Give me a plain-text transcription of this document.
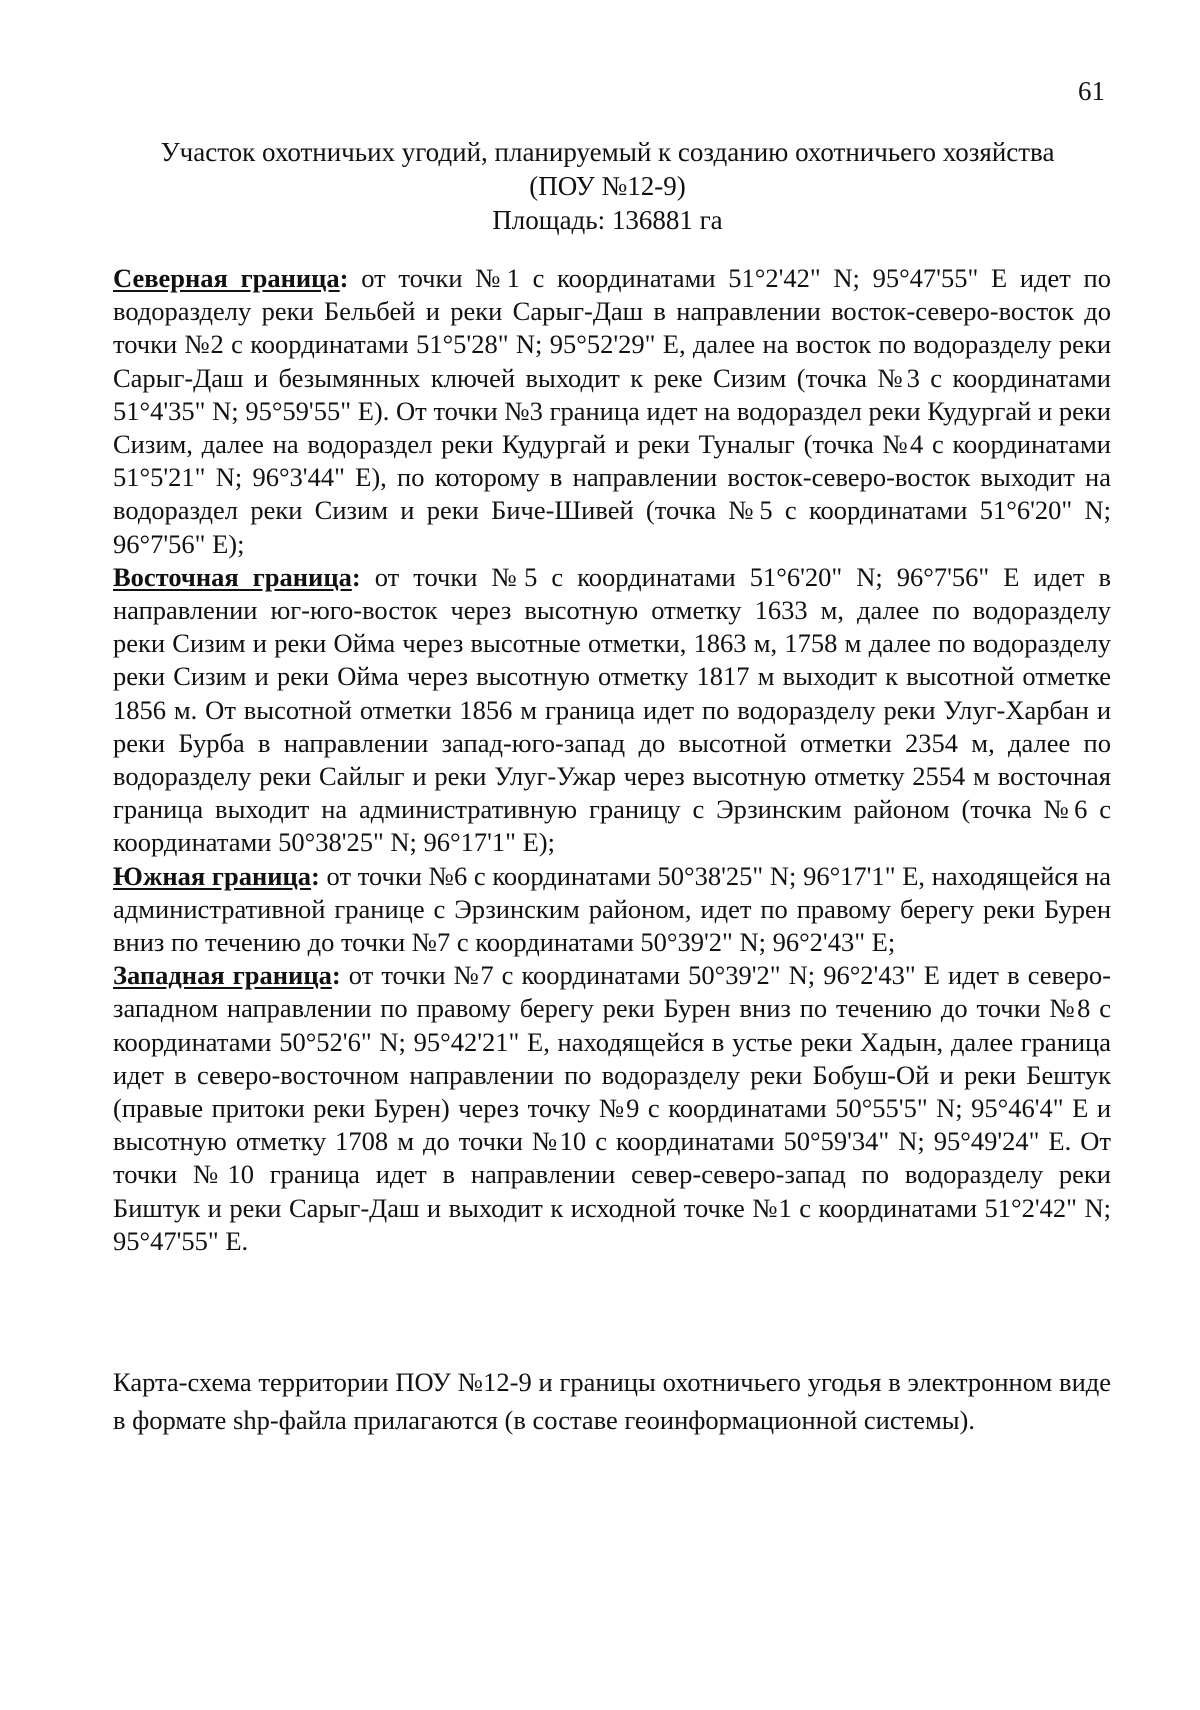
61
Участок охотничьих угодий, планируемый к созданию охотничьего хозяйства
(ПОУ №12-9)
Площадь: 136881 га

Северная граница: от точки №1 с координатами 51°2'42" N; 95°47'55" E идет по водоразделу реки Бельбей и реки Сарыг-Даш в направлении восток-северо-восток до точки №2 с координатами 51°5'28" N; 95°52'29" E, далее на восток по водоразделу реки Сарыг-Даш и безымянных ключей выходит к реке Сизим (точка №3 с координатами 51°4'35" N; 95°59'55" E). От точки №3 граница идет на водораздел реки Кудургай и реки Сизим, далее на водораздел реки Кудургай и реки Туналыг (точка №4 с координатами 51°5'21" N; 96°3'44" E), по которому в направлении восток-северо-восток выходит на водораздел реки Сизим и реки Биче-Шивей (точка №5 с координатами 51°6'20" N; 96°7'56" E);

Восточная граница: от точки №5 с координатами 51°6'20" N; 96°7'56" E идет в направлении юг-юго-восток через высотную отметку 1633 м, далее по водоразделу реки Сизим и реки Ойма через высотные отметки, 1863 м, 1758 м далее по водоразделу реки Сизим и реки Ойма через высотную отметку 1817 м выходит к высотной отметке 1856 м. От высотной отметки 1856 м граница идет по водоразделу реки Улуг-Харбан и реки Бурба в направлении запад-юго-запад до высотной отметки 2354 м, далее по водоразделу реки Сайлыг и реки Улуг-Ужар через высотную отметку 2554 м восточная граница выходит на административную границу с Эрзинским районом (точка №6 с координатами 50°38'25" N; 96°17'1" E);

Южная граница: от точки №6 с координатами 50°38'25" N; 96°17'1" E, находящейся на административной границе с Эрзинским районом, идет по правому берегу реки Бурен вниз по течению до точки №7 с координатами 50°39'2" N; 96°2'43" E;

Западная граница: от точки №7 с координатами 50°39'2" N; 96°2'43" E идет в северо-западном направлении по правому берегу реки Бурен вниз по течению до точки №8 с координатами 50°52'6" N; 95°42'21" E, находящейся в устье реки Хадын, далее граница идет в северо-восточном направлении по водоразделу реки Бобуш-Ой и реки Бештук (правые притоки реки Бурен) через точку №9 с координатами 50°55'5" N; 95°46'4" E и высотную отметку 1708 м до точки №10 с координатами 50°59'34" N; 95°49'24" E. От точки №10 граница идет в направлении север-северо-запад по водоразделу реки Биштук и реки Сарыг-Даш и выходит к исходной точке №1 с координатами 51°2'42" N; 95°47'55" E.

Карта-схема территории ПОУ №12-9 и границы охотничьего угодья в электронном виде в формате shp-файла прилагаются (в составе геоинформационной системы).
